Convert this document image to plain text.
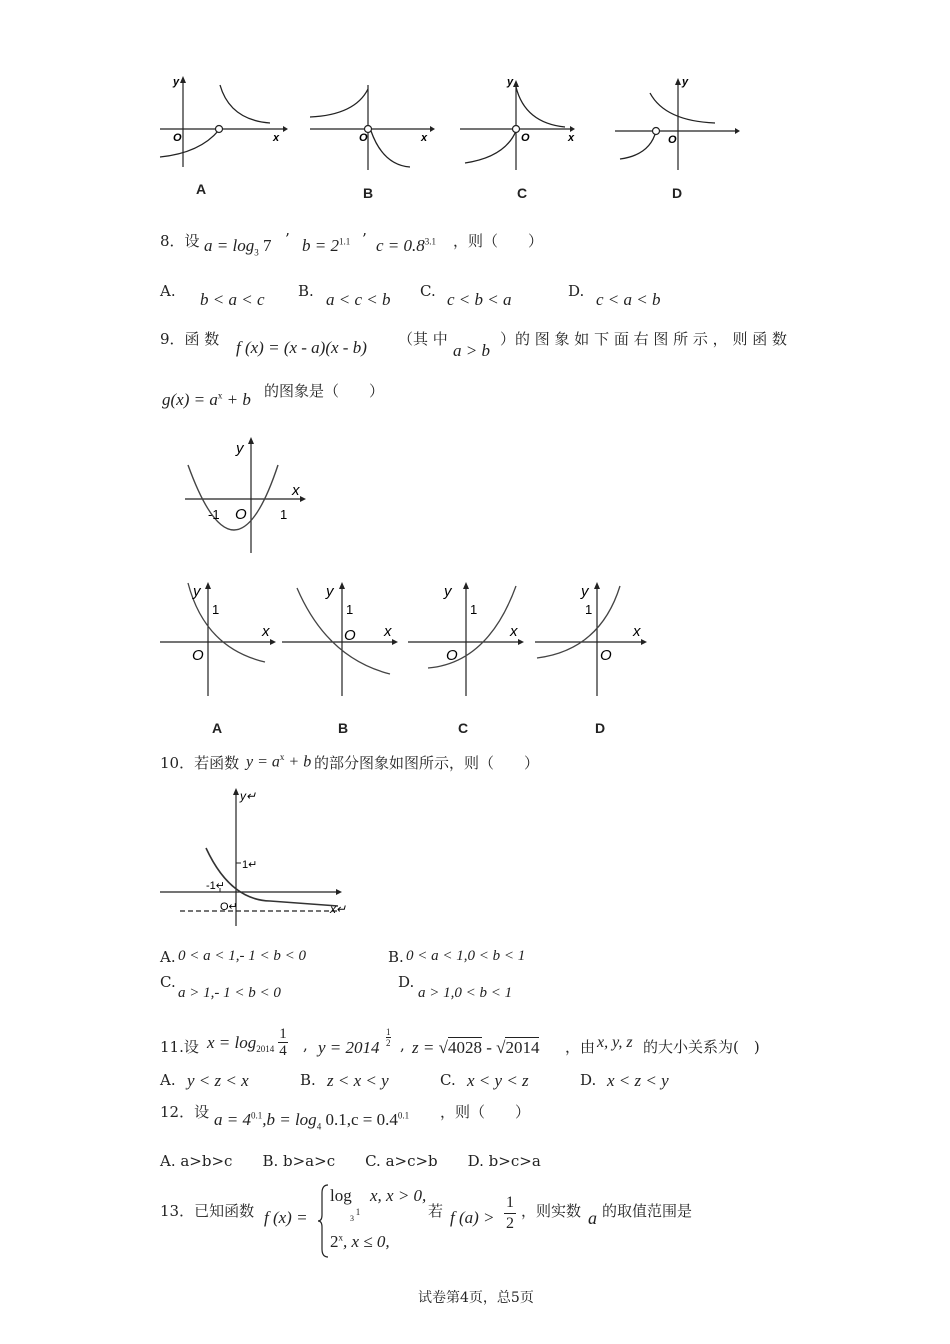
y
x
O	O	x
y
O	x
y
O
A	B	C	D
8．设 $a = \log_3 7$ ’ $b = 2^{1.1}$ ’ $c = 0.8^{3.1}$ ，则（　　）
A. b < a < c B. a < c < b C. c < b < a	D. c < a < b
9．函 数 f (x) = (x - a)(x - b) （其 中
a > b
）的 图 象 如 下 面 右 图 所 示 ， 则 函 数
$g(x) = a^x + b$ 的图象是（　　）
y
x
-1 O	1
y
1
x
O
y
1
x
O
y
1
x
O
y
1
x
O
A	B	C	D
10．若函数 $y = a^x + b$ 的部分图象如图所示，则（　　）
y↵
x↵
1↵
-1↵
O↵
A. 0 < a < 1,- 1 < b < 0	B. 0 < a < 1,0 < b < 1
C.
a > 1,- 1 < b < 0
D.
a > 1,0 < b < 1
11.设 $x = \log_{2014} \frac{1}{4}$ , y = 2014
1
2 , z = √4028 - √2014 ，由 x, y, z 的大小关系为(　)
A. y < z < x	B. z < x < y	C. x < y < z	D. x < z < y
12．设 $a = 4^{0.1},b = \log_4 0.1,c = 0.4^{0.1}$ ，则（　　）
A. a>b>c　　B. b>a>c　　C. a>c>b　　D. b>c>a
13．已知函数 f (x) =
log
1
x, x > 0,
3
2$^x$, x ≤ 0,
若 f (a) >
1
2
，则实数 a 的取值范围是
试卷第4页，总5页
